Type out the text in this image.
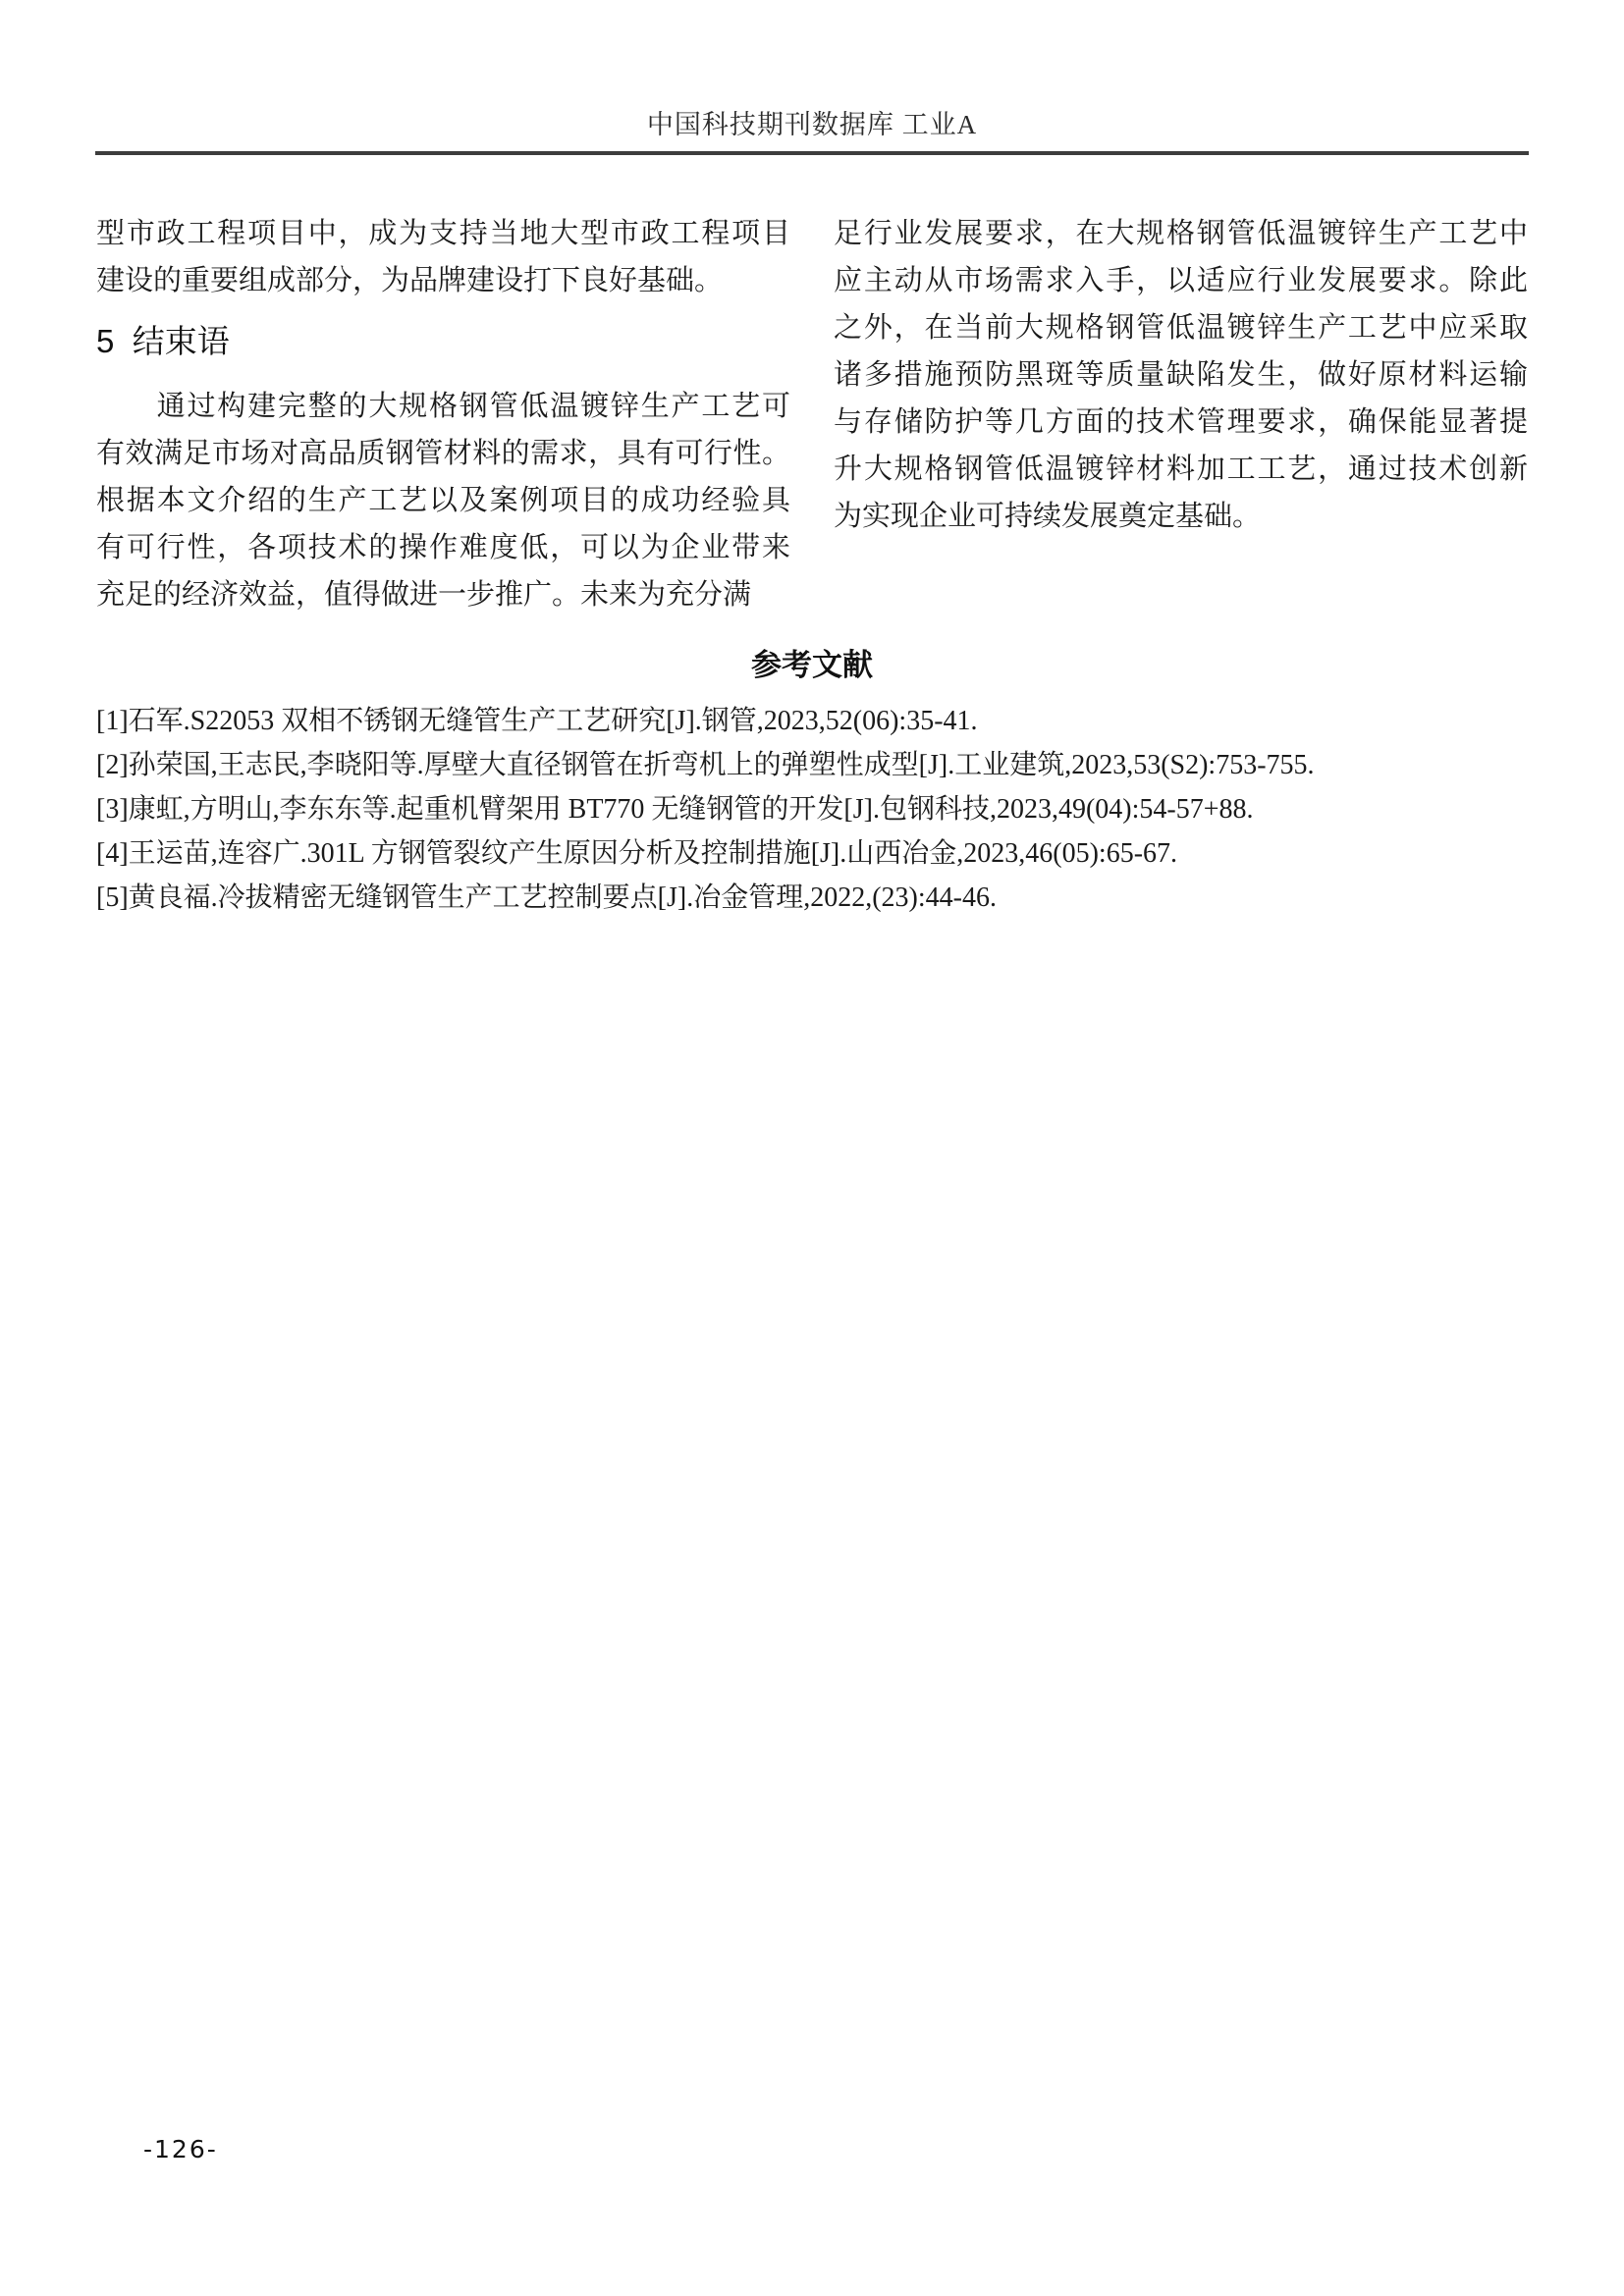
中国科技期刊数据库 工业A
型市政工程项目中，成为支持当地大型市政工程项目
建设的重要组成部分，为品牌建设打下良好基础。
5  结束语
　　通过构建完整的大规格钢管低温镀锌生产工艺可
有效满足市场对高品质钢管材料的需求，具有可行性。
根据本文介绍的生产工艺以及案例项目的成功经验具
有可行性，各项技术的操作难度低，可以为企业带来
充足的经济效益，值得做进一步推广。未来为充分满
足行业发展要求，在大规格钢管低温镀锌生产工艺中
应主动从市场需求入手，以适应行业发展要求。除此
之外，在当前大规格钢管低温镀锌生产工艺中应采取
诸多措施预防黑斑等质量缺陷发生，做好原材料运输
与存储防护等几方面的技术管理要求，确保能显著提
升大规格钢管低温镀锌材料加工工艺，通过技术创新
为实现企业可持续发展奠定基础。
参考文献
[1]石军.S22053 双相不锈钢无缝管生产工艺研究[J].钢管,2023,52(06):35-41.
[2]孙荣国,王志民,李晓阳等.厚壁大直径钢管在折弯机上的弹塑性成型[J].工业建筑,2023,53(S2):753-755.
[3]康虹,方明山,李东东等.起重机臂架用 BT770 无缝钢管的开发[J].包钢科技,2023,49(04):54-57+88.
[4]王运苗,连容广.301L 方钢管裂纹产生原因分析及控制措施[J].山西冶金,2023,46(05):65-67.
[5]黄良福.冷拔精密无缝钢管生产工艺控制要点[J].冶金管理,2022,(23):44-46.
-126-
